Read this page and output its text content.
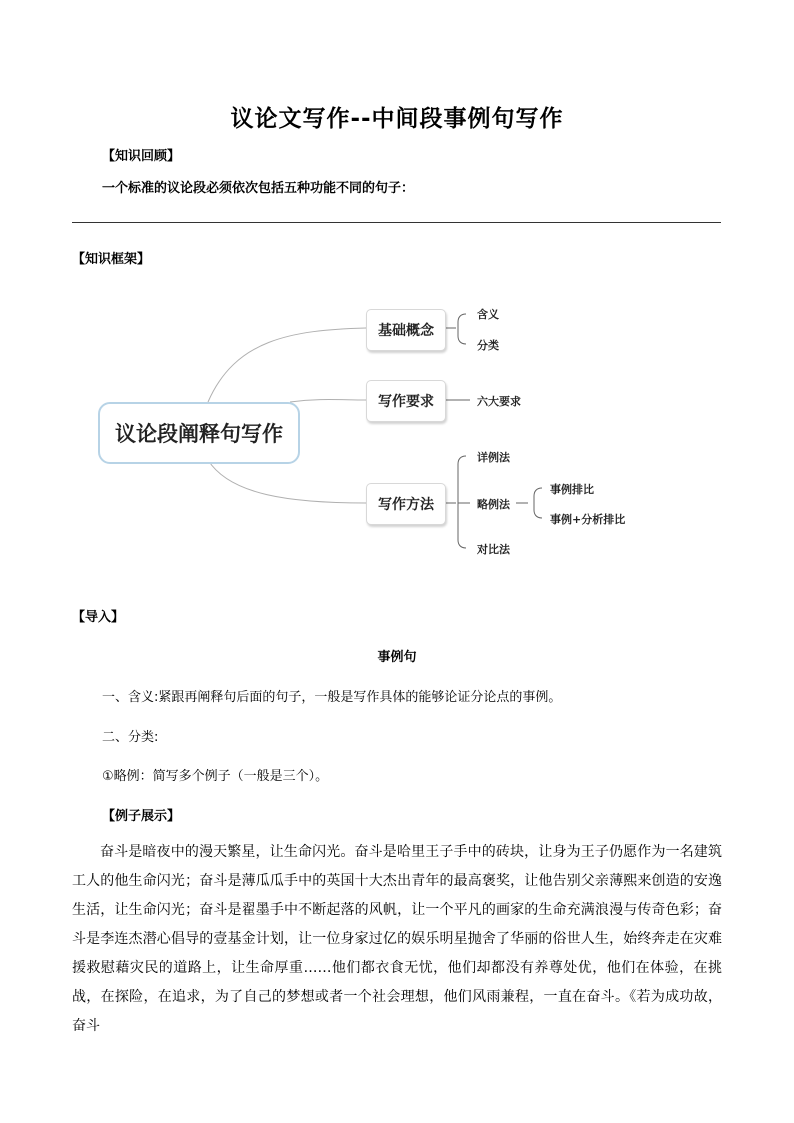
议论文写作--中间段事例句写作
【知识回顾】
一个标准的议论段必须依次包括五种功能不同的句子：
【知识框架】
议论段阐释句写作
基础概念
写作要求
写作方法
含义
分类
六大要求
详例法
略例法
对比法
事例排比
事例+分析排比
【导入】
事例句
一、含义:紧跟再阐释句后面的句子，一般是写作具体的能够论证分论点的事例。
二、分类:
①略例：简写多个例子（一般是三个）。
【例子展示】
奋斗是暗夜中的漫天繁星，让生命闪光。奋斗是哈里王子手中的砖块，让身为王子仍愿作为一名建筑工人的他生命闪光；奋斗是薄瓜瓜手中的英国十大杰出青年的最高褒奖，让他告别父亲薄熙来创造的安逸生活，让生命闪光；奋斗是翟墨手中不断起落的风帆，让一个平凡的画家的生命充满浪漫与传奇色彩；奋斗是李连杰潜心倡导的壹基金计划，让一位身家过亿的娱乐明星抛舍了华丽的俗世人生，始终奔走在灾难援救慰藉灾民的道路上，让生命厚重……他们都衣食无忧，他们却都没有养尊处优，他们在体验，在挑战，在探险，在追求，为了自己的梦想或者一个社会理想，他们风雨兼程，一直在奋斗。《若为成功故，奋斗
